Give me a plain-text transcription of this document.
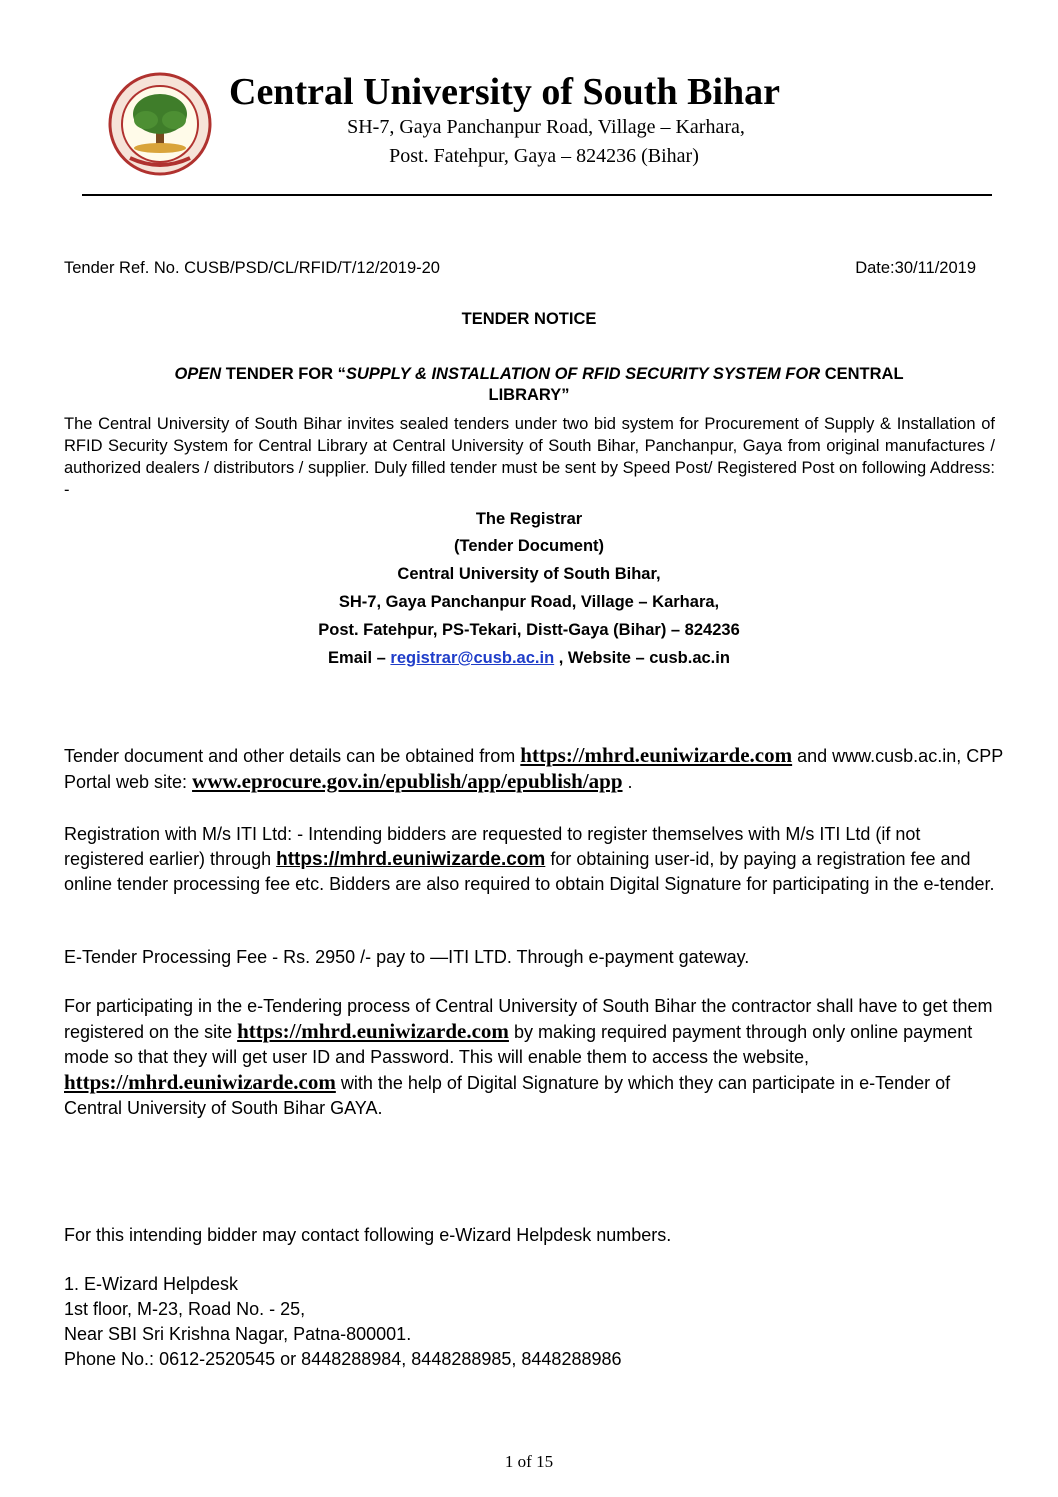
Central University of South Bihar
SH-7, Gaya Panchanpur Road, Village – Karhara,
Post. Fatehpur, Gaya – 824236 (Bihar)
Tender Ref. No. CUSB/PSD/CL/RFID/T/12/2019-20	Date:30/11/2019
TENDER NOTICE
OPEN TENDER FOR “SUPPLY & INSTALLATION OF RFID SECURITY SYSTEM FOR CENTRAL
LIBRARY”

The Central University of South Bihar invites sealed tenders under two bid system for Procurement of Supply & Installation of RFID Security System for Central Library at Central University of South Bihar, Panchanpur, Gaya from original manufactures / authorized dealers / distributors / supplier. Duly filled tender must be sent by Speed Post/ Registered Post on following Address: -

The Registrar
(Tender Document)
Central University of South Bihar,
SH-7, Gaya Panchanpur Road, Village – Karhara,
Post. Fatehpur, PS-Tekari, Distt-Gaya (Bihar) – 824236
Email – registrar@cusb.ac.in , Website – cusb.ac.in

Tender document and other details can be obtained from https://mhrd.euniwizarde.com and www.cusb.ac.in, CPP Portal web site: www.eprocure.gov.in/epublish/app/epublish/app .

Registration with M/s ITI Ltd: - Intending bidders are requested to register themselves with M/s ITI Ltd (if not registered earlier) through https://mhrd.euniwizarde.com for obtaining user-id, by paying a registration fee and online tender processing fee etc. Bidders are also required to obtain Digital Signature for participating in the e-tender.

E-Tender Processing Fee - Rs. 2950 /- pay to —ITI LTD. Through e-payment gateway.

For participating in the e-Tendering process of Central University of South Bihar the contractor shall have to get them registered on the site https://mhrd.euniwizarde.com by making required payment through only online payment mode so that they will get user ID and Password. This will enable them to access the website, https://mhrd.euniwizarde.com with the help of Digital Signature by which they can participate in e-Tender of Central University of South Bihar GAYA.

For this intending bidder may contact following e-Wizard Helpdesk numbers.
1. E-Wizard Helpdesk
1st floor, M-23, Road No. - 25,
Near SBI Sri Krishna Nagar, Patna-800001.
Phone No.: 0612-2520545 or 8448288984, 8448288985, 8448288986
1 of 15
